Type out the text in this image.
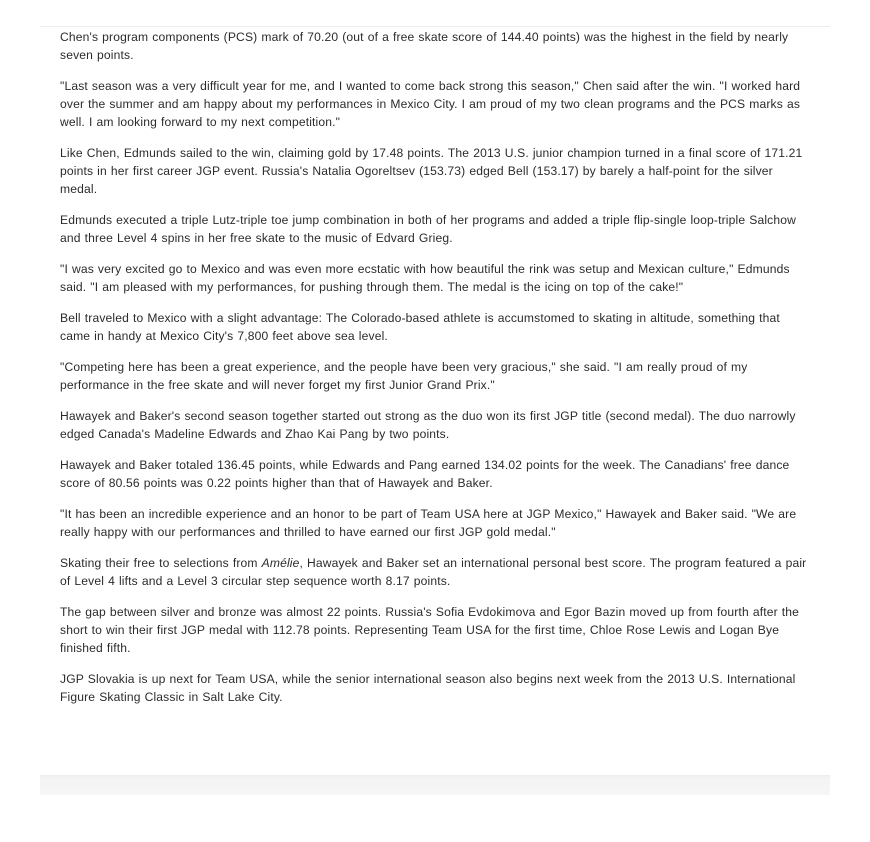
Chen's program components (PCS) mark of 70.20 (out of a free skate score of 144.40 points) was the highest in the field by nearly seven points.

"Last season was a very difficult year for me, and I wanted to come back strong this season," Chen said after the win. "I worked hard over the summer and am happy about my performances in Mexico City. I am proud of my two clean programs and the PCS marks as well. I am looking forward to my next competition."

Like Chen, Edmunds sailed to the win, claiming gold by 17.48 points. The 2013 U.S. junior champion turned in a final score of 171.21 points in her first career JGP event. Russia's Natalia Ogoreltsev (153.73) edged Bell (153.17) by barely a half-point for the silver medal.

Edmunds executed a triple Lutz-triple toe jump combination in both of her programs and added a triple flip-single loop-triple Salchow and three Level 4 spins in her free skate to the music of Edvard Grieg.

"I was very excited go to Mexico and was even more ecstatic with how beautiful the rink was setup and Mexican culture," Edmunds said. "I am pleased with my performances, for pushing through them. The medal is the icing on top of the cake!"

Bell traveled to Mexico with a slight advantage: The Colorado-based athlete is accumstomed to skating in altitude, something that came in handy at Mexico City's 7,800 feet above sea level.

"Competing here has been a great experience, and the people have been very gracious," she said. "I am really proud of my performance in the free skate and will never forget my first Junior Grand Prix."

Hawayek and Baker's second season together started out strong as the duo won its first JGP title (second medal). The duo narrowly edged Canada's Madeline Edwards and Zhao Kai Pang by two points.

Hawayek and Baker totaled 136.45 points, while Edwards and Pang earned 134.02 points for the week. The Canadians' free dance score of 80.56 points was 0.22 points higher than that of Hawayek and Baker.

"It has been an incredible experience and an honor to be part of Team USA here at JGP Mexico," Hawayek and Baker said. "We are really happy with our performances and thrilled to have earned our first JGP gold medal."

Skating their free to selections from Amélie, Hawayek and Baker set an international personal best score. The program featured a pair of Level 4 lifts and a Level 3 circular step sequence worth 8.17 points.

The gap between silver and bronze was almost 22 points. Russia's Sofia Evdokimova and Egor Bazin moved up from fourth after the short to win their first JGP medal with 112.78 points. Representing Team USA for the first time, Chloe Rose Lewis and Logan Bye finished fifth.

JGP Slovakia is up next for Team USA, while the senior international season also begins next week from the 2013 U.S. International Figure Skating Classic in Salt Lake City.
